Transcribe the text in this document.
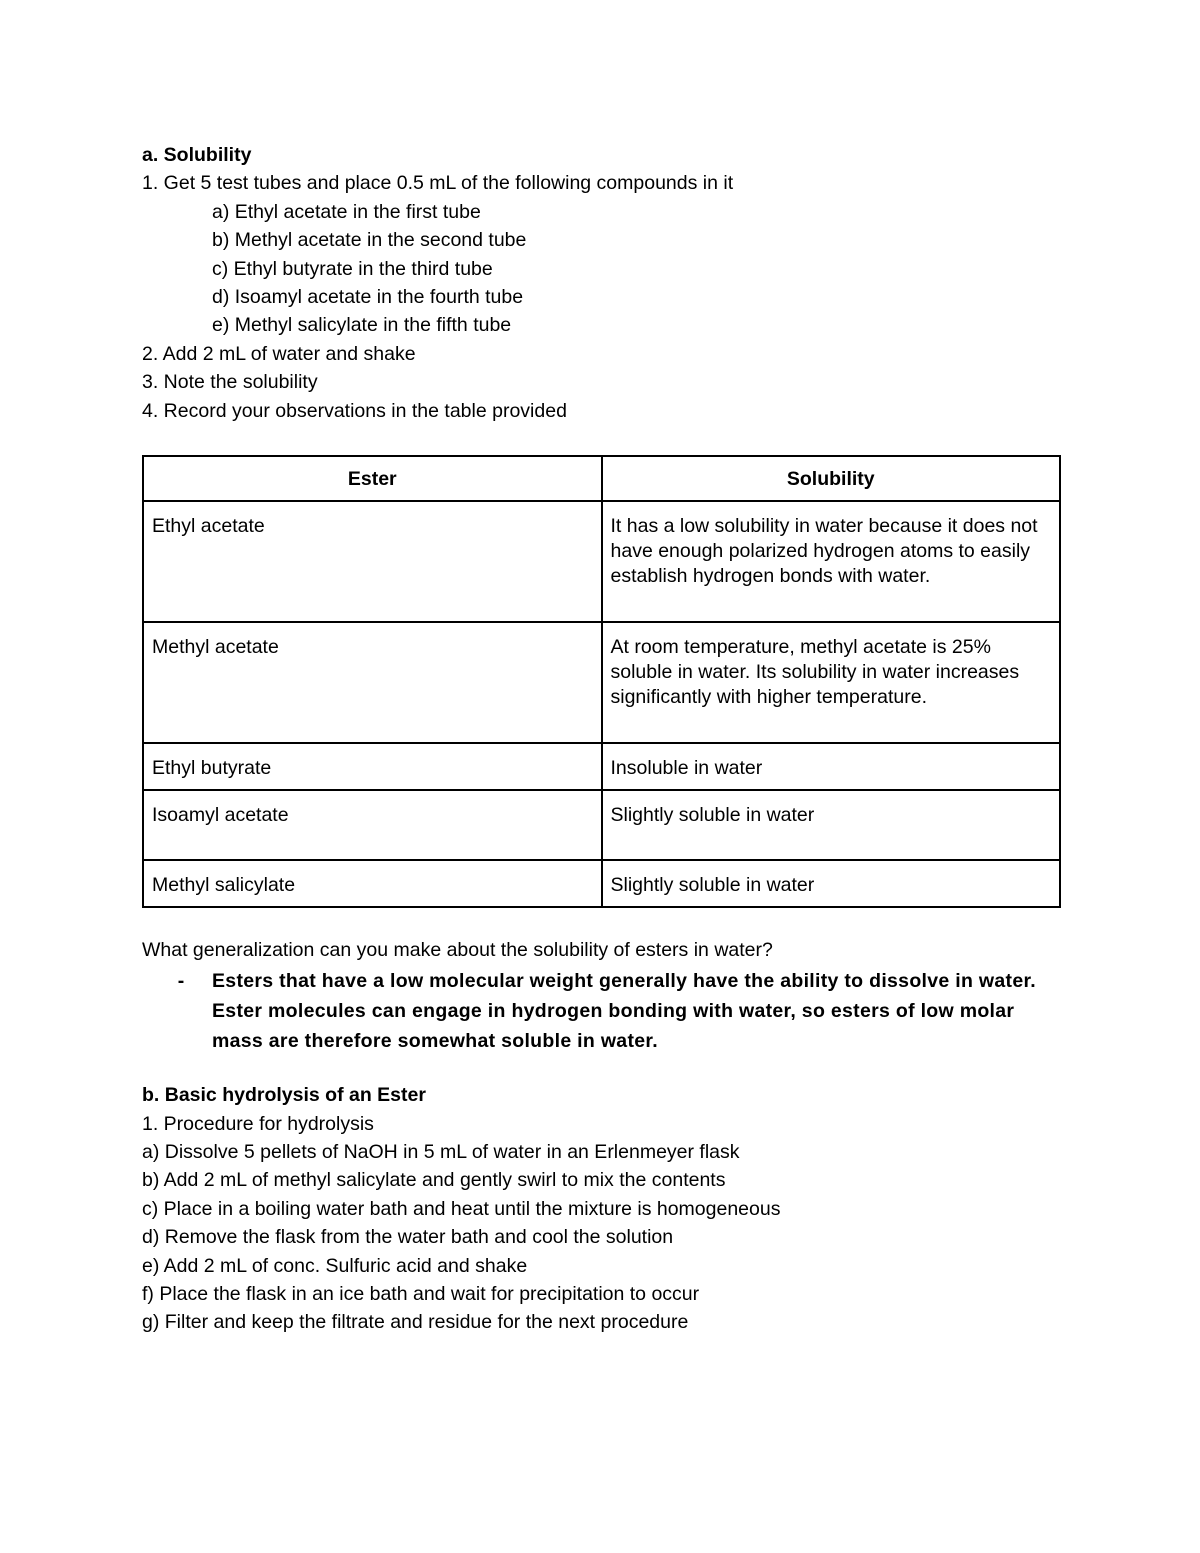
a. Solubility
1. Get 5 test tubes and place 0.5 mL of the following compounds in it
a) Ethyl acetate in the first tube
b) Methyl acetate in the second tube
c) Ethyl butyrate in the third tube
d) Isoamyl acetate in the fourth tube
e) Methyl salicylate in the fifth tube
2. Add 2 mL of water and shake
3. Note the solubility
4. Record your observations in the table provided
Ester	Solubility
Ethyl acetate	It has a low solubility in water because it does not have enough polarized hydrogen atoms to easily establish hydrogen bonds with water.
Methyl acetate	At room temperature, methyl acetate is 25% soluble in water. Its solubility in water increases significantly with higher temperature.
Ethyl butyrate	Insoluble in water
Isoamyl acetate	Slightly soluble in water
Methyl salicylate	Slightly soluble in water
What generalization can you make about the solubility of esters in water?
-	Esters that have a low molecular weight generally have the ability to dissolve in water. Ester molecules can engage in hydrogen bonding with water, so esters of low molar mass are therefore somewhat soluble in water.
b. Basic hydrolysis of an Ester
1. Procedure for hydrolysis
a) Dissolve 5 pellets of NaOH in 5 mL of water in an Erlenmeyer flask
b) Add 2 mL of methyl salicylate and gently swirl to mix the contents
c) Place in a boiling water bath and heat until the mixture is homogeneous
d) Remove the flask from the water bath and cool the solution
e) Add 2 mL of conc. Sulfuric acid and shake
f) Place the flask in an ice bath and wait for precipitation to occur
g) Filter and keep the filtrate and residue for the next procedure
